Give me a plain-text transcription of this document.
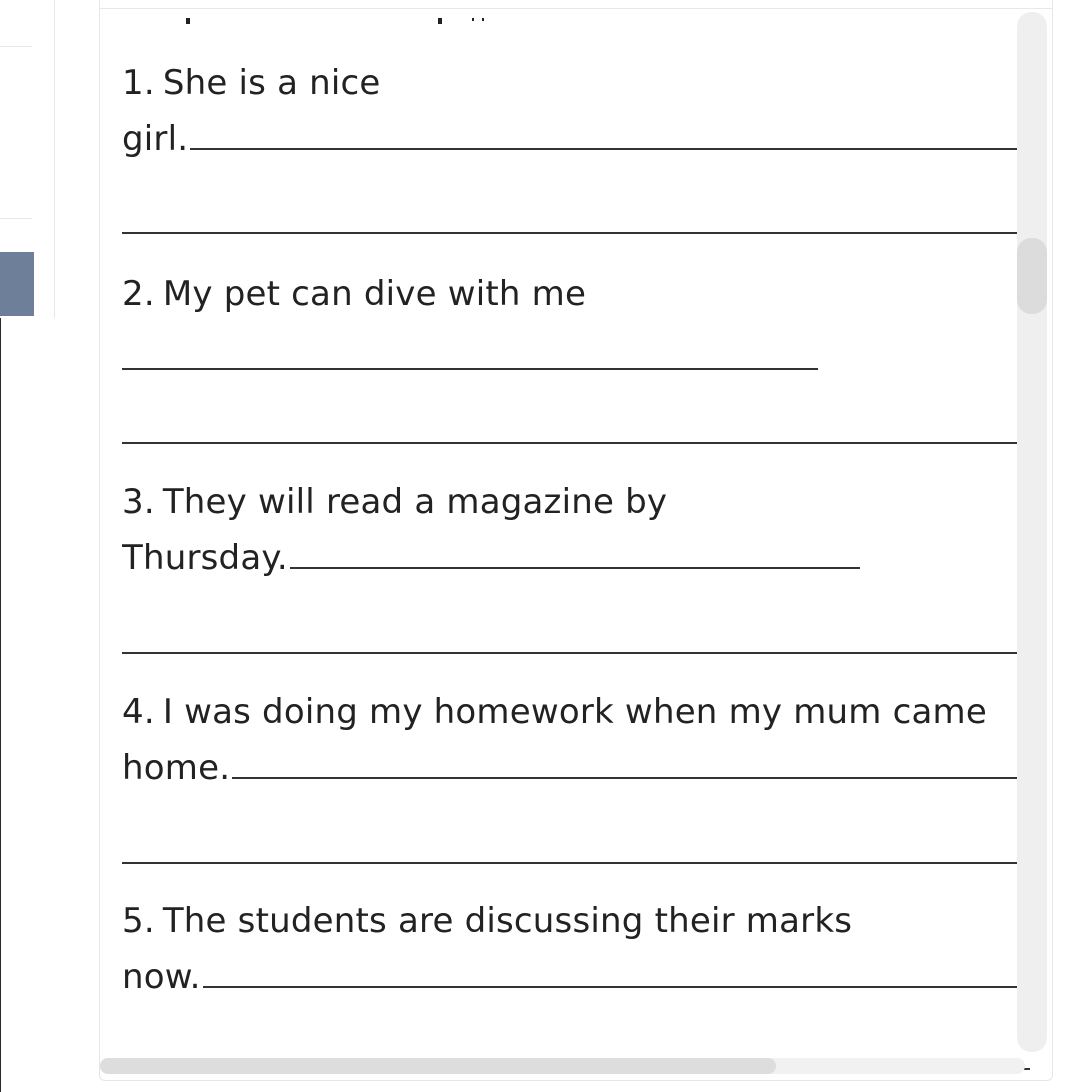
1. She is a nice
girl.
2. My pet can dive with me
3. They will read a magazine by
Thursday.
4. I was doing my homework when my mum came
home.
5. The students are discussing their marks
now.
